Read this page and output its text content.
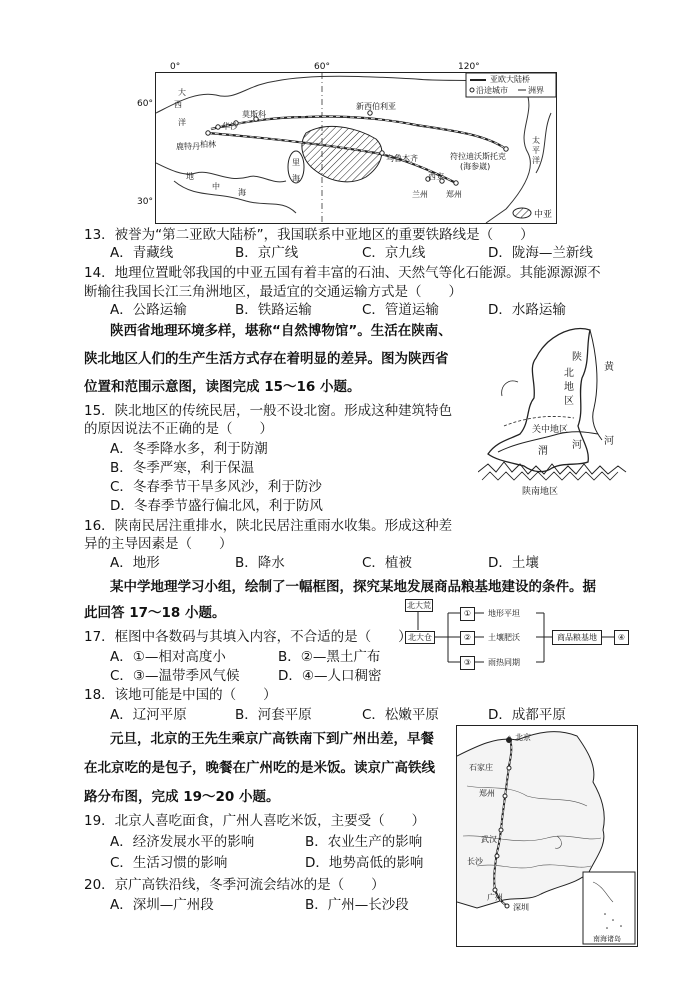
0°	60°	120°
60°
30°
亚欧大陆桥
沿途城市	洲界
中亚
大
西
洋
莫斯科
华沙
柏林
鹿特丹
地
中
海
里
海
新西伯利亚
乌鲁木齐	符拉迪沃斯托克
(海参崴)
兰州
西安
郑州
太
平
洋
13．被誉为“第二亚欧大陆桥”，我国联系中亚地区的重要铁路线是（　　）
A．青藏线	B．京广线	C．京九线	D．陇海—兰新线
14．地理位置毗邻我国的中亚五国有着丰富的石油、天然气等化石能源。其能源源源不
断输往我国长江三角洲地区，最适宜的交通运输方式是（　　）
A．公路运输	B．铁路运输	C．管道运输	D．水路运输
陕西省地理环境多样，堪称“自然博物馆”。生活在陕南、
陕北地区人们的生产生活方式存在着明显的差异。图为陕西省
位置和范围示意图，读图完成 15～16 小题。
陕
北
地
区
黄
河
关中地区
渭
河
陕南地区
15．陕北地区的传统民居，一般不设北窗。形成这种建筑特色
的原因说法不正确的是（　　）
A．冬季降水多，利于防潮
B．冬季严寒，利于保温
C．冬春季节干旱多风沙，利于防沙
D．冬春季节盛行偏北风，利于防风
16．陕南民居注重排水，陕北民居注重雨水收集。形成这种差
异的主导因素是（　　）
A．地形	B．降水	C．植被	D．土壤
某中学地理学习小组，绘制了一幅框图，探究某地发展商品粮基地建设的条件。据
此回答 17～18 小题。	北大荒
北大仓
①
②
③
地形平坦
土壤肥沃
雨热同期
商品粮基地	④
17．框图中各数码与其填入内容，不合适的是（　　）
A．①—相对高度小	B．②—黑土广布
C．③—温带季风气候	D．④—人口稠密
18．该地可能是中国的（　　）
A．辽河平原	B．河套平原	C．松嫩平原	D．成都平原
元旦，北京的王先生乘京广高铁南下到广州出差，早餐
在北京吃的是包子，晚餐在广州吃的是米饭。读京广高铁线
路分布图，完成 19～20 小题。
北京
石家庄
郑州
武汉
长沙
广州
深圳
南海诸岛
19．北京人喜吃面食，广州人喜吃米饭，主要受（　　）
A．经济发展水平的影响	B．农业生产的影响
C．生活习惯的影响	D．地势高低的影响
20．京广高铁沿线，冬季河流会结冰的是（　　）
A．深圳—广州段	B．广州—长沙段
